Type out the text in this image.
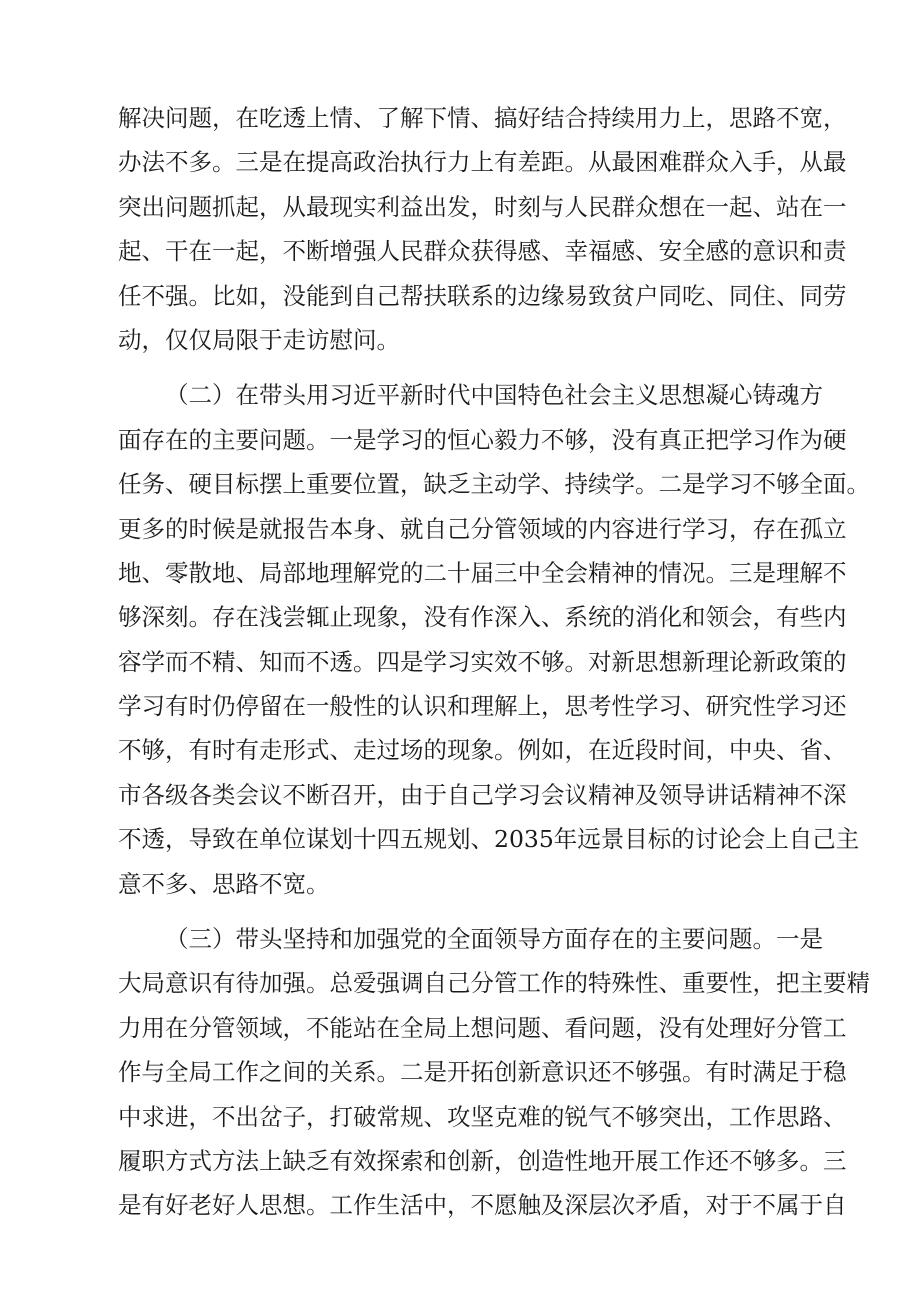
解决问题，在吃透上情、了解下情、搞好结合持续用力上，思路不宽，
办法不多。三是在提高政治执行力上有差距。从最困难群众入手，从最
突出问题抓起，从最现实利益出发，时刻与人民群众想在一起、站在一
起、干在一起，不断增强人民群众获得感、幸福感、安全感的意识和责
任不强。比如，没能到自己帮扶联系的边缘易致贫户同吃、同住、同劳
动，仅仅局限于走访慰问。
（二）在带头用习近平新时代中国特色社会主义思想凝心铸魂方
面存在的主要问题。一是学习的恒心毅力不够，没有真正把学习作为硬
任务、硬目标摆上重要位置，缺乏主动学、持续学。二是学习不够全面。
更多的时候是就报告本身、就自己分管领域的内容进行学习，存在孤立
地、零散地、局部地理解党的二十届三中全会精神的情况。三是理解不
够深刻。存在浅尝辄止现象，没有作深入、系统的消化和领会，有些内
容学而不精、知而不透。四是学习实效不够。对新思想新理论新政策的
学习有时仍停留在一般性的认识和理解上，思考性学习、研究性学习还
不够，有时有走形式、走过场的现象。例如，在近段时间，中央、省、
市各级各类会议不断召开，由于自己学习会议精神及领导讲话精神不深
不透，导致在单位谋划十四五规划、2035年远景目标的讨论会上自己主
意不多、思路不宽。
（三）带头坚持和加强党的全面领导方面存在的主要问题。一是
大局意识有待加强。总爱强调自己分管工作的特殊性、重要性，把主要精
力用在分管领域，不能站在全局上想问题、看问题，没有处理好分管工
作与全局工作之间的关系。二是开拓创新意识还不够强。有时满足于稳
中求进，不出岔子，打破常规、攻坚克难的锐气不够突出，工作思路、
履职方式方法上缺乏有效探索和创新，创造性地开展工作还不够多。三
是有好老好人思想。工作生活中，不愿触及深层次矛盾，对于不属于自
